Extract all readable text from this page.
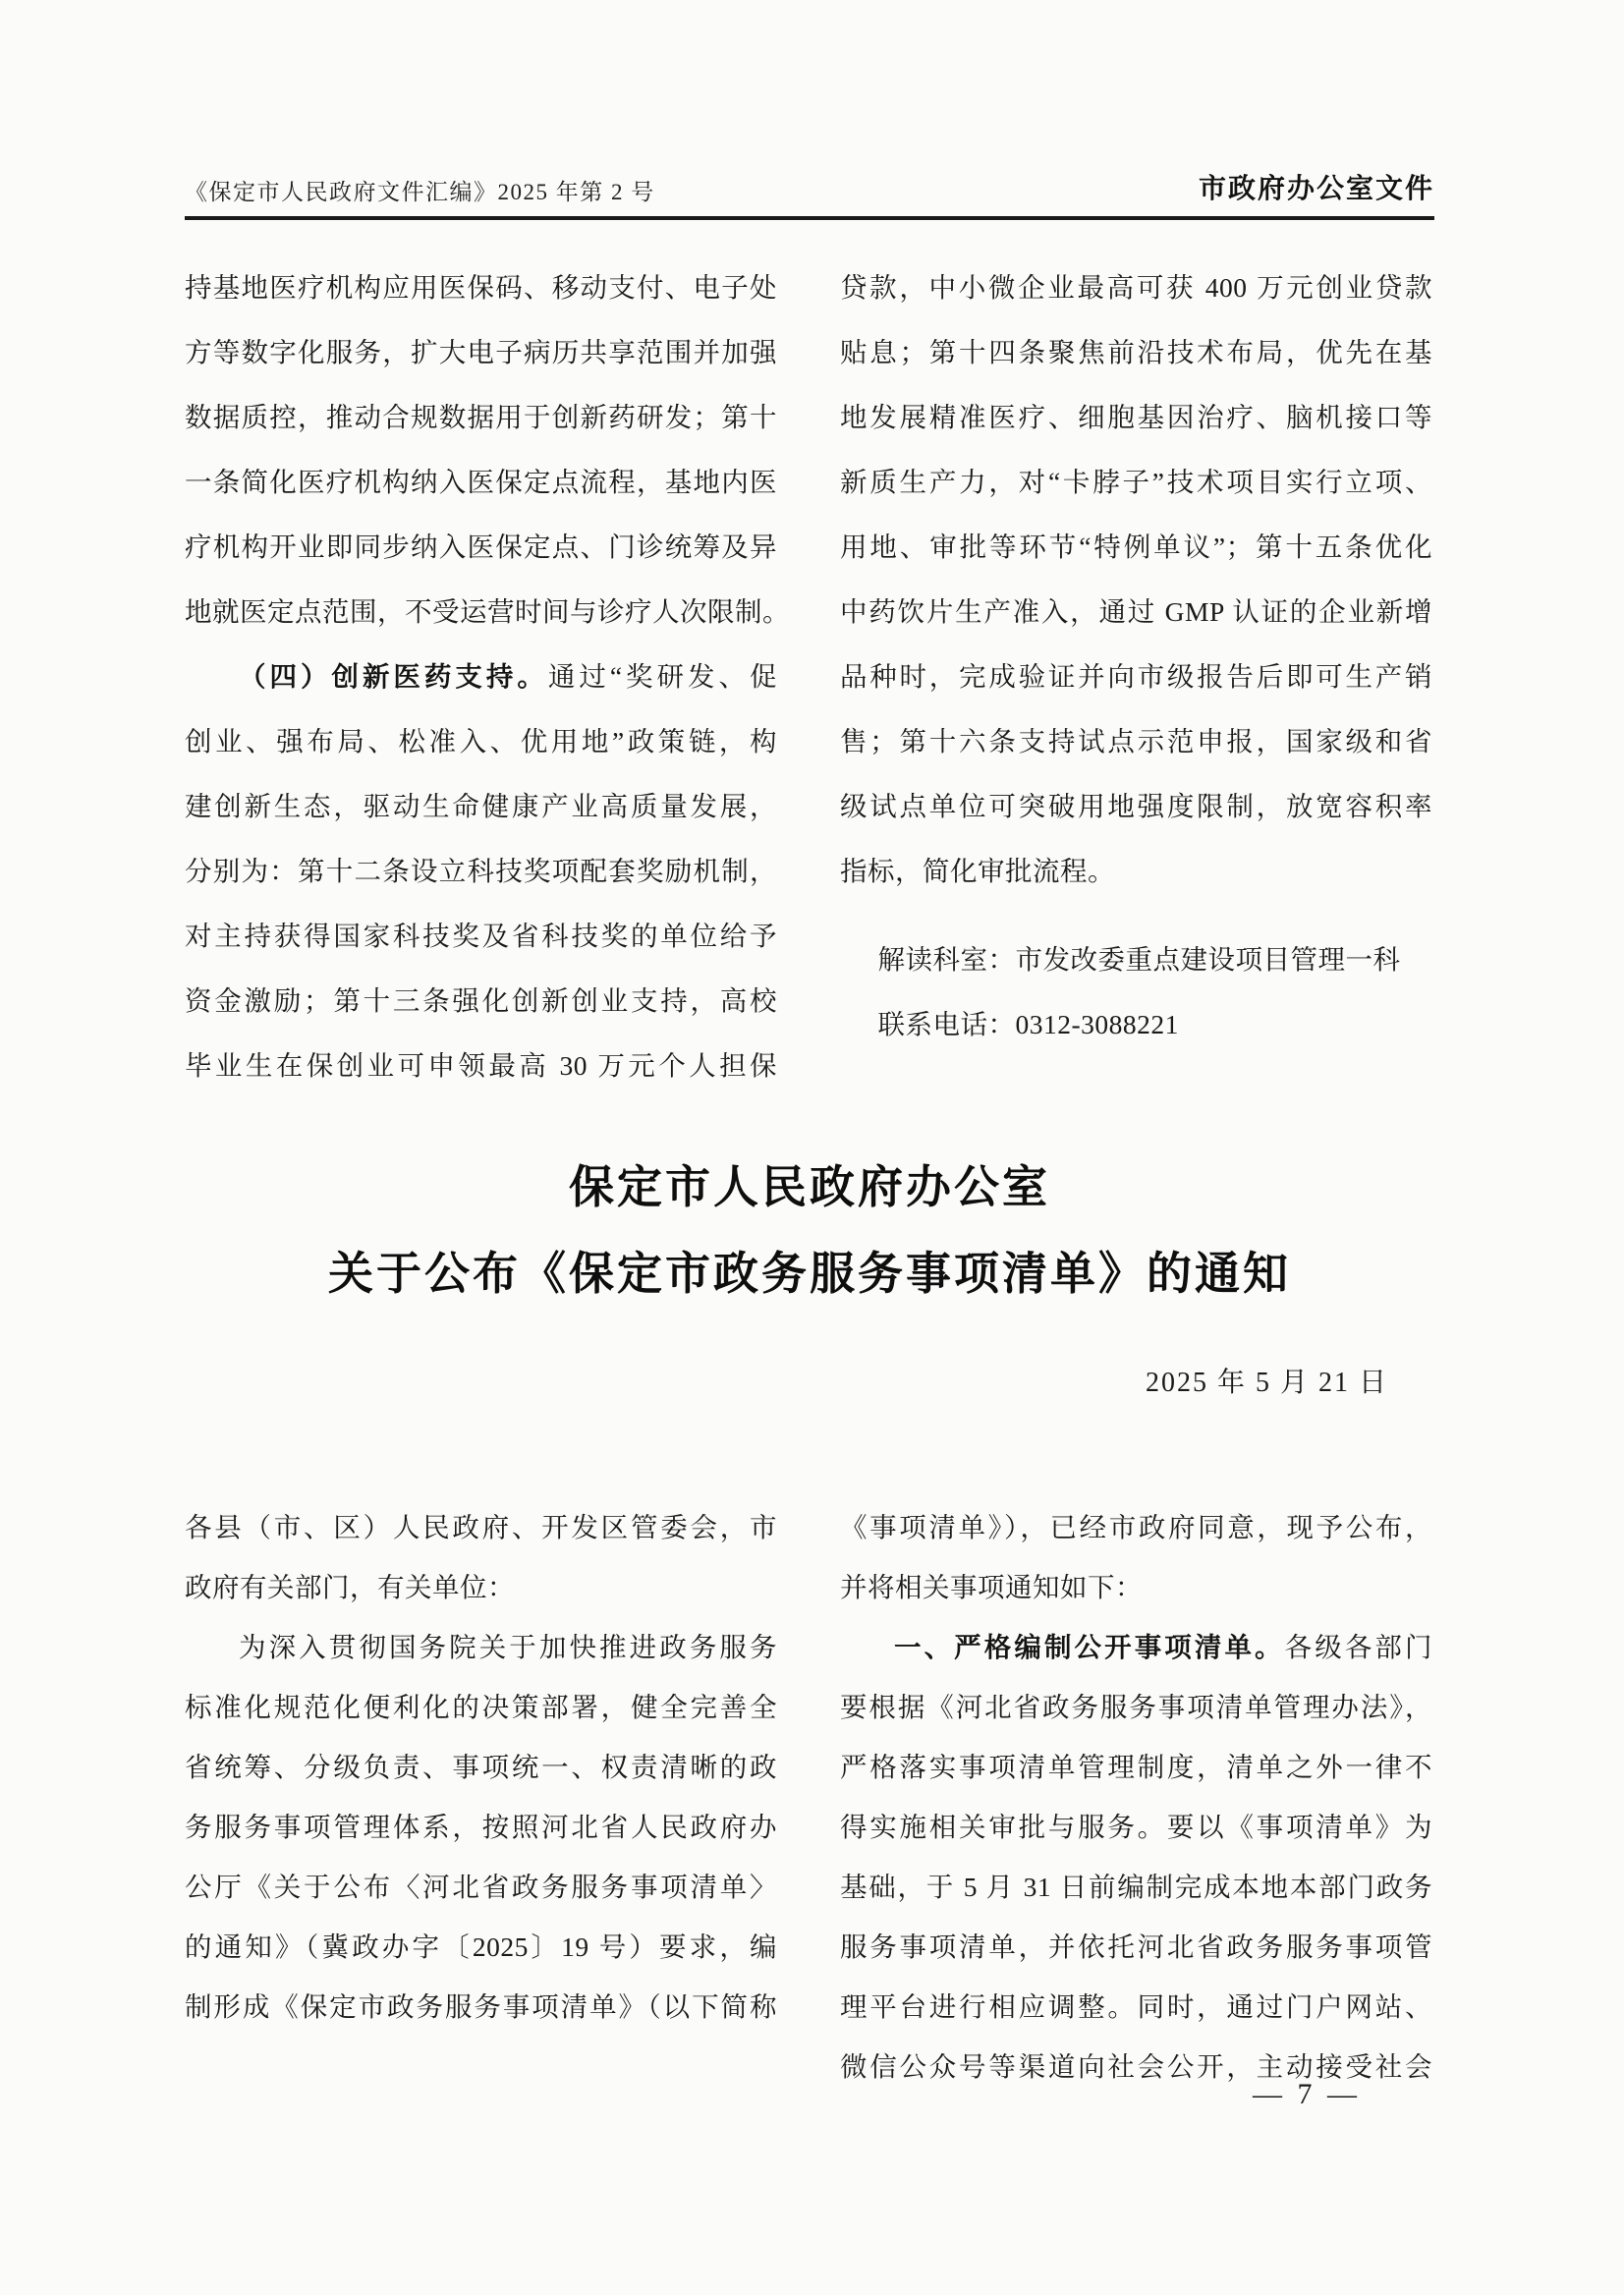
《保定市人民政府文件汇编》2025 年第 2 号	市政府办公室文件
持基地医疗机构应用医保码、移动支付、电子处
方等数字化服务，扩大电子病历共享范围并加强
数据质控，推动合规数据用于创新药研发；第十
一条简化医疗机构纳入医保定点流程，基地内医
疗机构开业即同步纳入医保定点、门诊统筹及异
地就医定点范围，不受运营时间与诊疗人次限制。
（四）创新医药支持。通过“奖研发、促
创业、强布局、松准入、优用地”政策链，构
建创新生态，驱动生命健康产业高质量发展，
分别为：第十二条设立科技奖项配套奖励机制，
对主持获得国家科技奖及省科技奖的单位给予
资金激励；第十三条强化创新创业支持，高校
毕业生在保创业可申领最高 30 万元个人担保
贷款，中小微企业最高可获 400 万元创业贷款
贴息；第十四条聚焦前沿技术布局，优先在基
地发展精准医疗、细胞基因治疗、脑机接口等
新质生产力，对“卡脖子”技术项目实行立项、
用地、审批等环节“特例单议”；第十五条优化
中药饮片生产准入，通过 GMP 认证的企业新增
品种时，完成验证并向市级报告后即可生产销
售；第十六条支持试点示范申报，国家级和省
级试点单位可突破用地强度限制，放宽容积率
指标，简化审批流程。
解读科室：市发改委重点建设项目管理一科
联系电话：0312-3088221
保定市人民政府办公室
关于公布《保定市政务服务事项清单》的通知
2025 年 5 月 21 日
各县（市、区）人民政府、开发区管委会，市
政府有关部门，有关单位：
为深入贯彻国务院关于加快推进政务服务
标准化规范化便利化的决策部署，健全完善全
省统筹、分级负责、事项统一、权责清晰的政
务服务事项管理体系，按照河北省人民政府办
公厅《关于公布〈河北省政务服务事项清单〉
的通知》（冀政办字〔2025〕19 号）要求，编
制形成《保定市政务服务事项清单》（以下简称
《事项清单》），已经市政府同意，现予公布，
并将相关事项通知如下：
一、严格编制公开事项清单。各级各部门
要根据《河北省政务服务事项清单管理办法》，
严格落实事项清单管理制度，清单之外一律不
得实施相关审批与服务。要以《事项清单》为
基础，于 5 月 31 日前编制完成本地本部门政务
服务事项清单，并依托河北省政务服务事项管
理平台进行相应调整。同时，通过门户网站、
微信公众号等渠道向社会公开，主动接受社会
— 7 —
